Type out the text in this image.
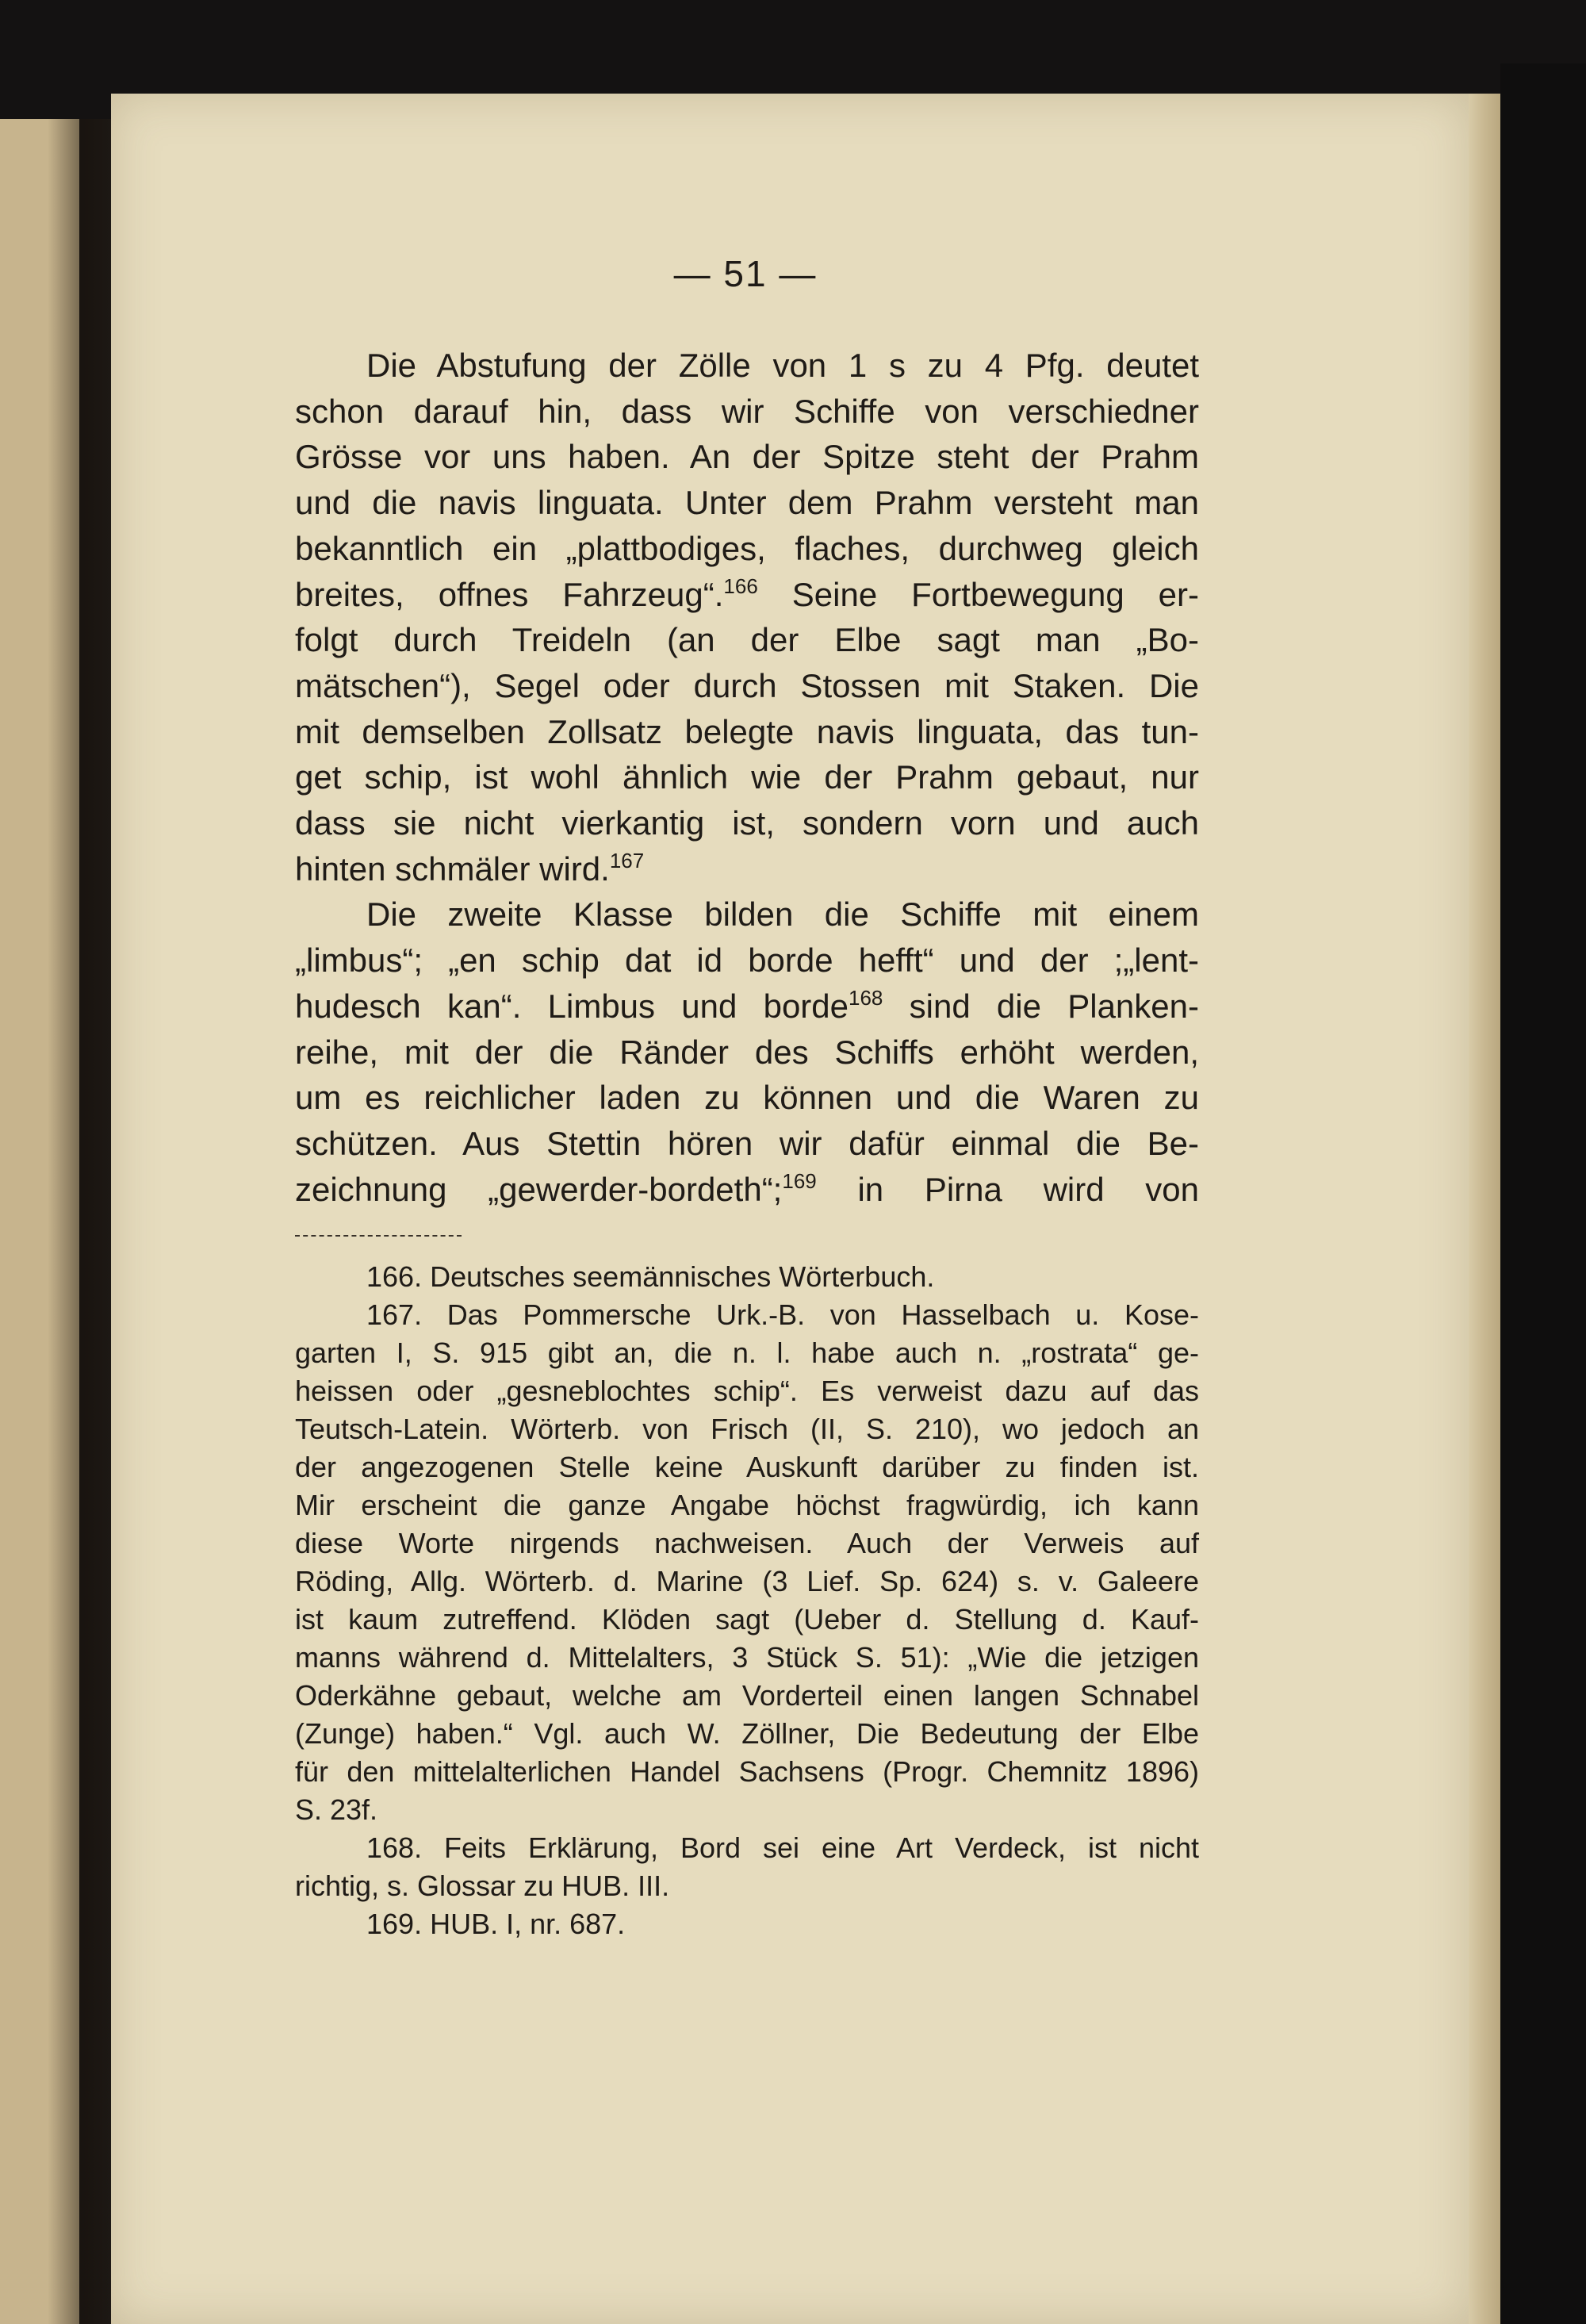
— 51 —
Die Abstufung der Zölle von 1 s zu 4 Pfg. deutet
schon darauf hin, dass wir Schiffe von verschiedner
Grösse vor uns haben. An der Spitze steht der Prahm
und die navis linguata. Unter dem Prahm versteht man
bekanntlich ein „plattbodiges, flaches, durchweg gleich
breites, offnes Fahrzeug“.$^{166}$ Seine Fortbewegung er-
folgt durch Treideln (an der Elbe sagt man „Bo-
mätschen“), Segel oder durch Stossen mit Staken. Die
mit demselben Zollsatz belegte navis linguata, das tun-
get schip, ist wohl ähnlich wie der Prahm gebaut, nur
dass sie nicht vierkantig ist, sondern vorn und auch
hinten schmäler wird.$^{167}$
Die zweite Klasse bilden die Schiffe mit einem
„limbus“; „en schip dat id borde hefft“ und der ;„lent-
hudesch kan“. Limbus und borde$^{168}$ sind die Planken-
reihe, mit der die Ränder des Schiffs erhöht werden,
um es reichlicher laden zu können und die Waren zu
schützen. Aus Stettin hören wir dafür einmal die Be-
zeichnung „gewerder-bordeth“;$^{169}$ in Pirna wird von
166. Deutsches seemännisches Wörterbuch.
167. Das Pommersche Urk.-B. von Hasselbach u. Kose-
garten I, S. 915 gibt an, die n. l. habe auch n. „rostrata“ ge-
heissen oder „gesneblochtes schip“. Es verweist dazu auf das
Teutsch-Latein. Wörterb. von Frisch (II, S. 210), wo jedoch an
der angezogenen Stelle keine Auskunft darüber zu finden ist.
Mir erscheint die ganze Angabe höchst fragwürdig, ich kann
diese Worte nirgends nachweisen. Auch der Verweis auf
Röding, Allg. Wörterb. d. Marine (3 Lief. Sp. 624) s. v. Galeere
ist kaum zutreffend. Klöden sagt (Ueber d. Stellung d. Kauf-
manns während d. Mittelalters, 3 Stück S. 51): „Wie die jetzigen
Oderkähne gebaut, welche am Vorderteil einen langen Schnabel
(Zunge) haben.“ Vgl. auch W. Zöllner, Die Bedeutung der Elbe
für den mittelalterlichen Handel Sachsens (Progr. Chemnitz 1896)
S. 23f.
168. Feits Erklärung, Bord sei eine Art Verdeck, ist nicht
richtig, s. Glossar zu HUB. III.
169. HUB. I, nr. 687.
